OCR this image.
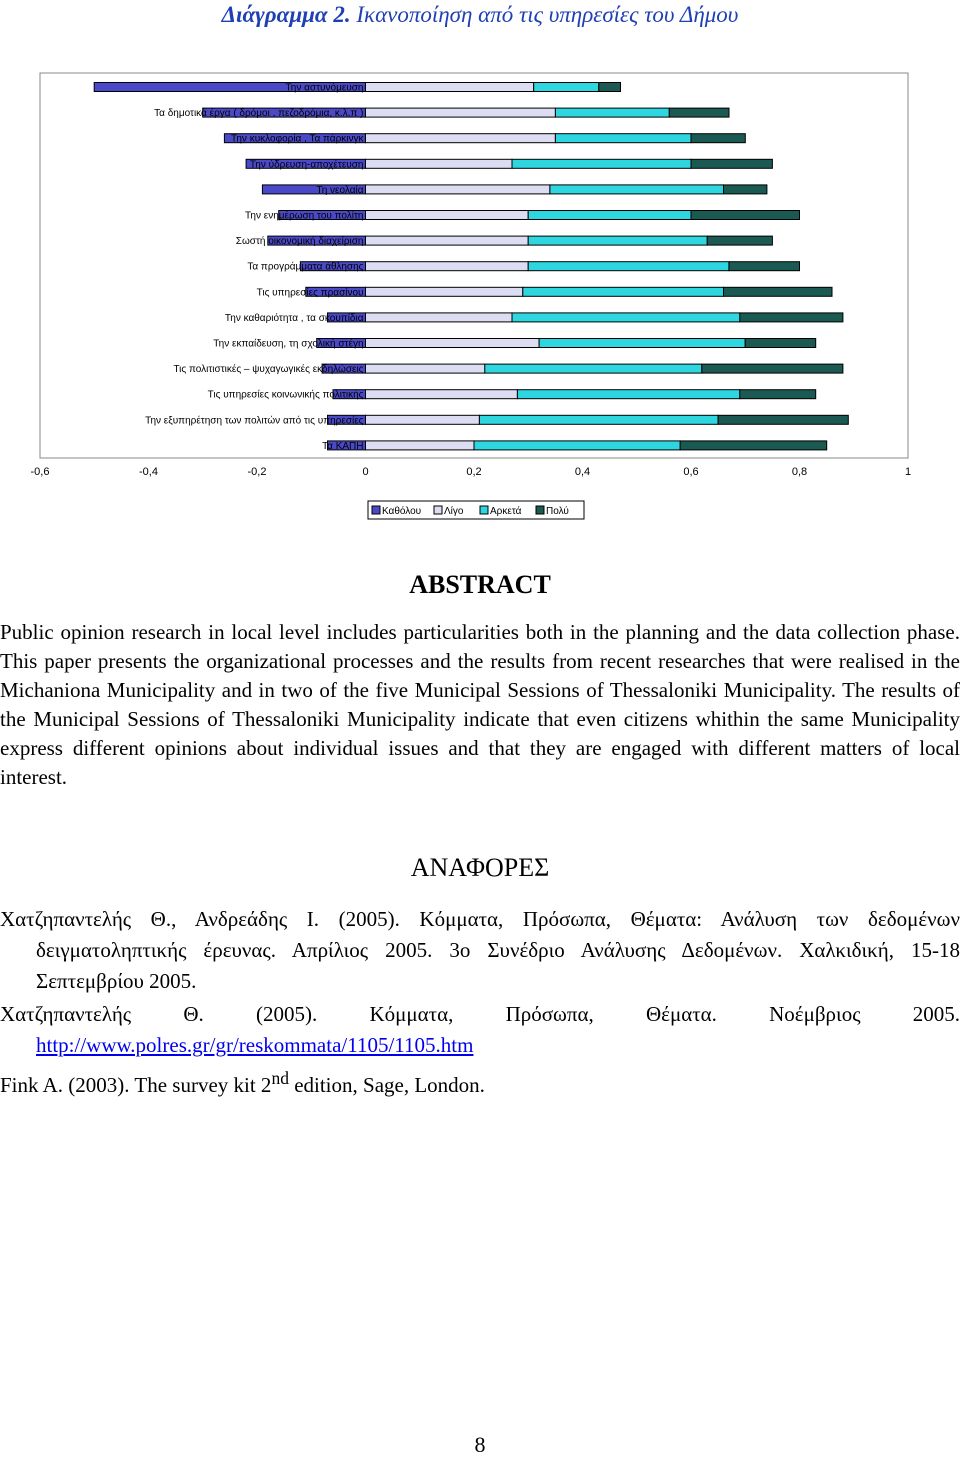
Διάγραμμα 2. Ικανοποίηση από τις υπηρεσίες του Δήμου
Την αστυνόμευση
Τα δημοτικά έργα ( δρόμοι , πεζοδρόμια, κ.λ.π )
Την κυκλοφορία , Τα πάρκινγκ
Την ύδρευση-αποχέτευση
Τη νεολαία
Την ενημέρωση του πολίτη
Σωστή οικονομική διαχείριση
Τα προγράμματα άθλησης
Τις υπηρεσίες πρασίνου
Την καθαριότητα , τα σκουπίδια
Την εκπαίδευση, τη σχολική στέγη
Τις πολιτιστικές – ψυχαγωγικές εκδηλώσεις
Τις υπηρεσίες κοινωνικής πολιτικής
Την εξυπηρέτηση των πολιτών από τις υπηρεσίες
Τα ΚΑΠΗ
-0,6	-0,4	-0,2	0	0,2	0,4	0,6	0,8	1
Καθόλου Λίγο	Αρκετά Πολύ
ABSTRACT

Public opinion research in local level includes particularities both in the planning and the data collection phase. This paper presents the organizational processes and the results from recent researches that were realised in the Michaniona Municipality and in two of the five Municipal Sessions of Thessaloniki Municipality. The results of the Municipal Sessions of Thessaloniki Municipality indicate that even citizens whithin the same Municipality express different opinions about individual issues and that they are engaged with different matters of local interest.

ΑΝΑΦΟΡΕΣ

Χατζηπαντελής Θ., Ανδρεάδης Ι. (2005). Κόμματα, Πρόσωπα, Θέματα: Ανάλυση των δεδομένων δειγματοληπτικής έρευνας. Απρίλιος 2005. 3ο Συνέδριο Ανάλυσης Δεδομένων. Χαλκιδική, 15-18 Σεπτεμβρίου 2005.

Χατζηπαντελής Θ. (2005). Κόμματα, Πρόσωπα, Θέματα. Νοέμβριος 2005. http://www.polres.gr/gr/reskommata/1105/1105.htm

Fink A. (2003). The survey kit 2nd edition, Sage, London.

8
